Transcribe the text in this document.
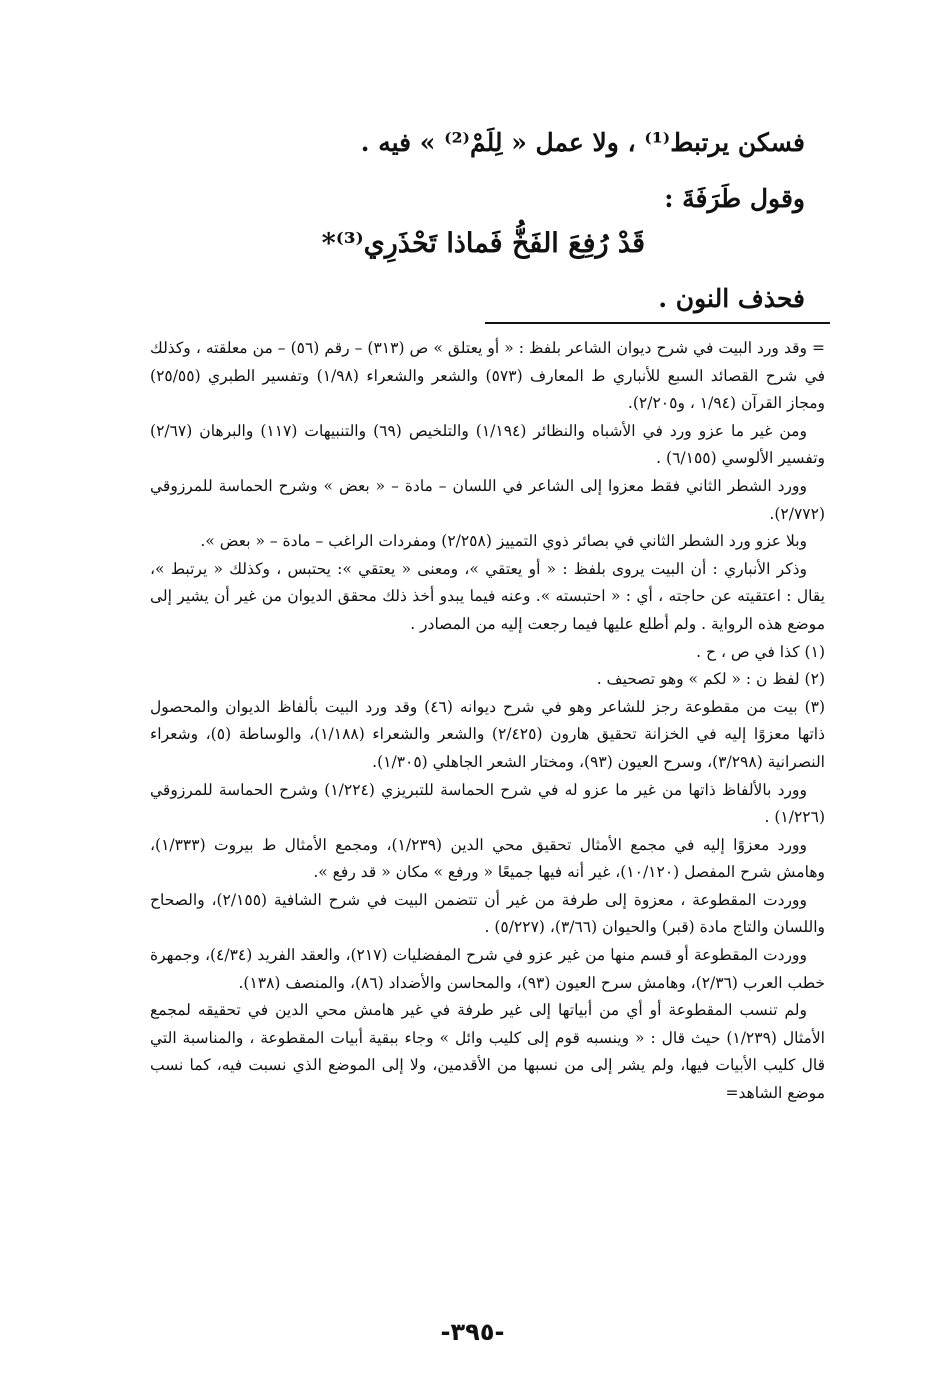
فسكن يرتبط⁽¹⁾ ، ولا عمل « لِلَمْ⁽²⁾ » فيه .
وقول طَرَفَةَ :
قَدْ رُفِعَ الفَخُّ فَماذا تَحْذَرِي⁽³⁾*
فحذف النون .

= وقد ورد البيت في شرح ديوان الشاعر بلفظ : « أو يعتلق » ص (٣١٣) – رقم (٥٦) – من معلقته ، وكذلك في شرح القصائد السبع للأنباري ط المعارف (٥٧٣) والشعر والشعراء (١/٩٨) وتفسير الطبري (٢٥/٥٥) ومجاز القرآن (١/٩٤ ، و٢/٢٠٥).

ومن غير ما عزو ورد في الأشباه والنظائر (١/١٩٤) والتلخيص (٦٩) والتنبيهات (١١٧) والبرهان (٢/٦٧) وتفسير الألوسي (٦/١٥٥) .

وورد الشطر الثاني فقط معزوا إلى الشاعر في اللسان – مادة – « بعض » وشرح الحماسة للمرزوقي (٢/٧٧٢).

وبلا عزو ورد الشطر الثاني في بصائر ذوي التمييز (٢/٢٥٨) ومفردات الراغب – مادة – « بعض ».

وذكر الأنباري : أن البيت يروى بلفظ : « أو يعتقي »، ومعنى « يعتقي »: يحتبس ، وكذلك « يرتبط »، يقال : اعتقيته عن حاجته ، أي : « احتبسته ». وعنه فيما يبدو أخذ ذلك محقق الديوان من غير أن يشير إلى موضع هذه الرواية . ولم أطلع عليها فيما رجعت إليه من المصادر .

(١) كذا في ص ، ح .

(٢) لفظ ن : « لكم » وهو تصحيف .

(٣) بيت من مقطوعة رجز للشاعر وهو في شرح ديوانه (٤٦) وقد ورد البيت بألفاظ الديوان والمحصول ذاتها معزوًا إليه في الخزانة تحقيق هارون (٢/٤٢٥) والشعر والشعراء (١/١٨٨)، والوساطة (٥)، وشعراء النصرانية (٣/٢٩٨)، وسرح العيون (٩٣)، ومختار الشعر الجاهلي (١/٣٠٥).

وورد بالألفاظ ذاتها من غير ما عزو له في شرح الحماسة للتبريزي (١/٢٢٤) وشرح الحماسة للمرزوقي (١/٢٢٦) .

وورد معزوًا إليه في مجمع الأمثال تحقيق محي الدين (١/٢٣٩)، ومجمع الأمثال ط بيروت (١/٣٣٣)، وهامش شرح المفصل (١٠/١٢٠)، غير أنه فيها جميعًا « ورفع » مكان « قد رفع ».

ووردت المقطوعة ، معزوة إلى طرفة من غير أن تتضمن البيت في شرح الشافية (٢/١٥٥)، والصحاح واللسان والتاج مادة (قبر) والحيوان (٣/٦٦)، (٥/٢٢٧) .

ووردت المقطوعة أو قسم منها من غير عزو في شرح المفضليات (٢١٧)، والعقد الفريد (٤/٣٤)، وجمهرة خطب العرب (٢/٣٦)، وهامش سرح العيون (٩٣)، والمحاسن والأضداد (٨٦)، والمنصف (١٣٨).

ولم تنسب المقطوعة أو أي من أبياتها إلى غير طرفة في غير هامش محي الدين في تحقيقه لمجمع الأمثال (١/٢٣٩) حيث قال : « وينسبه قوم إلى كليب وائل » وجاء ببقية أبيات المقطوعة ، والمناسبة التي قال كليب الأبيات فيها، ولم يشر إلى من نسبها من الأقدمين، ولا إلى الموضع الذي نسبت فيه، كما نسب موضع الشاهد=

-٣٩٥-
